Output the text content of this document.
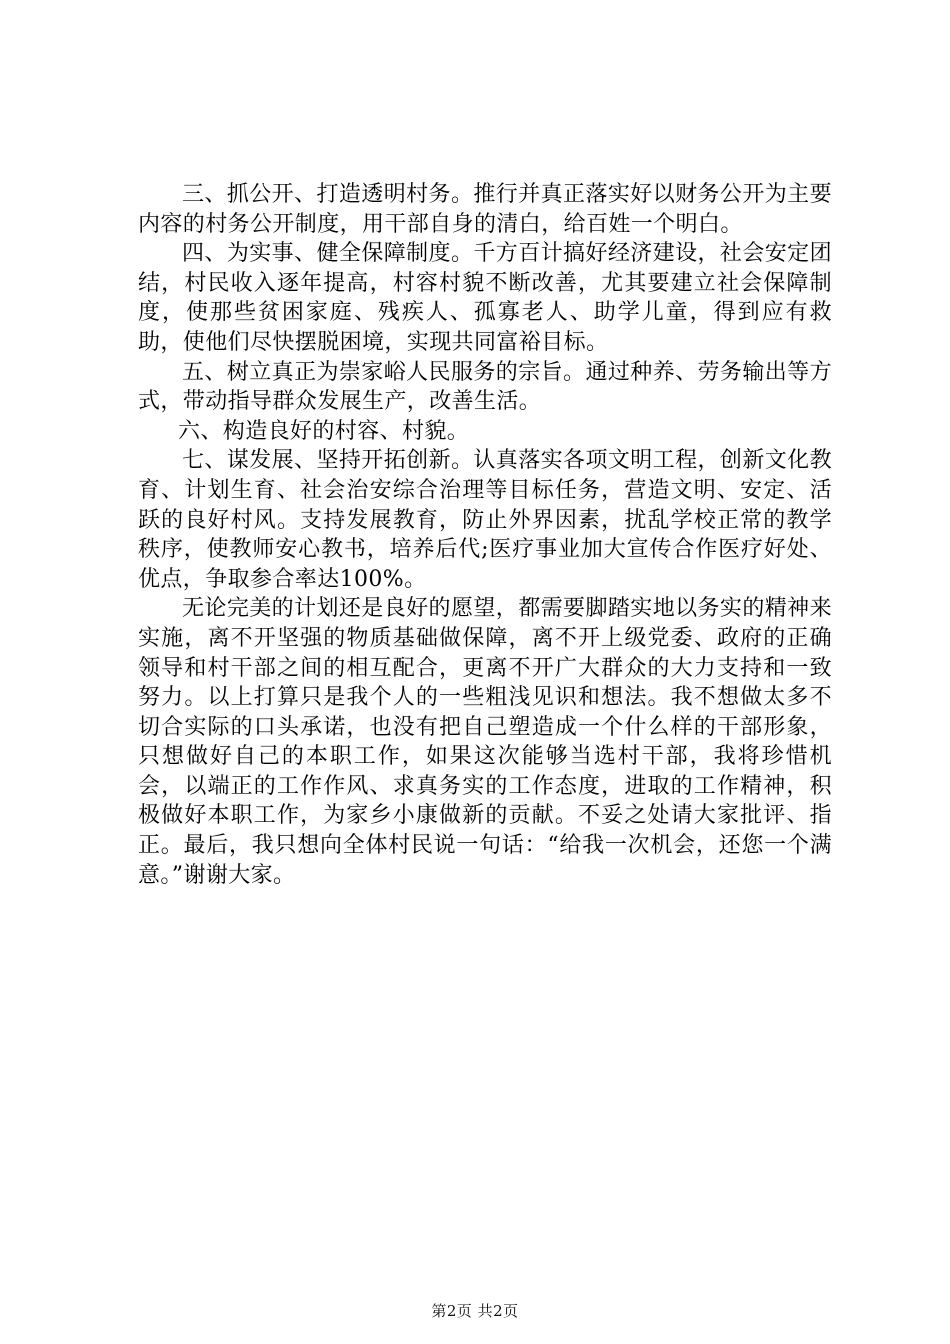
三、抓公开、打造透明村务。推行并真正落实好以财务公开为主要内容的村务公开制度，用干部自身的清白，给百姓一个明白。

四、为实事、健全保障制度。千方百计搞好经济建设，社会安定团结，村民收入逐年提高，村容村貌不断改善，尤其要建立社会保障制度，使那些贫困家庭、残疾人、孤寡老人、助学儿童，得到应有救助，使他们尽快摆脱困境，实现共同富裕目标。

五、树立真正为崇家峪人民服务的宗旨。通过种养、劳务输出等方式，带动指导群众发展生产，改善生活。

六、构造良好的村容、村貌。

七、谋发展、坚持开拓创新。认真落实各项文明工程，创新文化教育、计划生育、社会治安综合治理等目标任务，营造文明、安定、活跃的良好村风。支持发展教育，防止外界因素，扰乱学校正常的教学秩序，使教师安心教书，培养后代;医疗事业加大宣传合作医疗好处、优点，争取参合率达100%。

无论完美的计划还是良好的愿望，都需要脚踏实地以务实的精神来实施，离不开坚强的物质基础做保障，离不开上级党委、政府的正确领导和村干部之间的相互配合，更离不开广大群众的大力支持和一致努力。以上打算只是我个人的一些粗浅见识和想法。我不想做太多不切合实际的口头承诺，也没有把自己塑造成一个什么样的干部形象，只想做好自己的本职工作，如果这次能够当选村干部，我将珍惜机会，以端正的工作作风、求真务实的工作态度，进取的工作精神，积极做好本职工作，为家乡小康做新的贡献。不妥之处请大家批评、指正。最后，我只想向全体村民说一句话：“给我一次机会，还您一个满意。”谢谢大家。

第2页 共2页
